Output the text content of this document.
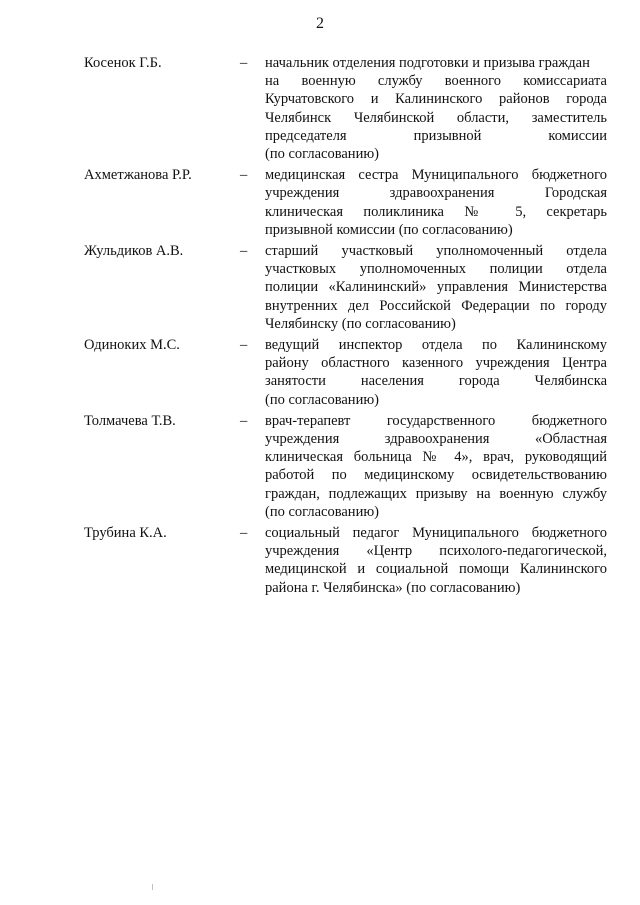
2
Косенок Г.Б.	– начальник отделения подготовки и призыва граждан
на военную службу военного комиссариата
Курчатовского и Калининского районов города
Челябинск Челябинской области, заместитель
председателя призывной комиссии
(по согласованию)
Ахметжанова Р.Р.	– медицинская сестра Муниципального бюджетного
учреждения здравоохранения Городская
клиническая поликлиника № 5, секретарь
призывной комиссии (по согласованию)
Жульдиков А.В.	– старший участковый уполномоченный отдела
участковых уполномоченных полиции отдела
полиции «Калининский» управления Министерства
внутренних дел Российской Федерации по городу
Челябинску (по согласованию)
Одиноких М.С.	– ведущий инспектор отдела по Калининскому
району областного казенного учреждения Центра
занятости населения города Челябинска
(по согласованию)
Толмачева Т.В.	– врач-терапевт государственного бюджетного
учреждения здравоохранения «Областная
клиническая больница № 4», врач, руководящий
работой по медицинскому освидетельствованию
граждан, подлежащих призыву на военную службу
(по согласованию)
Трубина К.А.	– социальный педагог Муниципального бюджетного
учреждения «Центр психолого-педагогической,
медицинской и социальной помощи Калининского
района г. Челябинска» (по согласованию)
